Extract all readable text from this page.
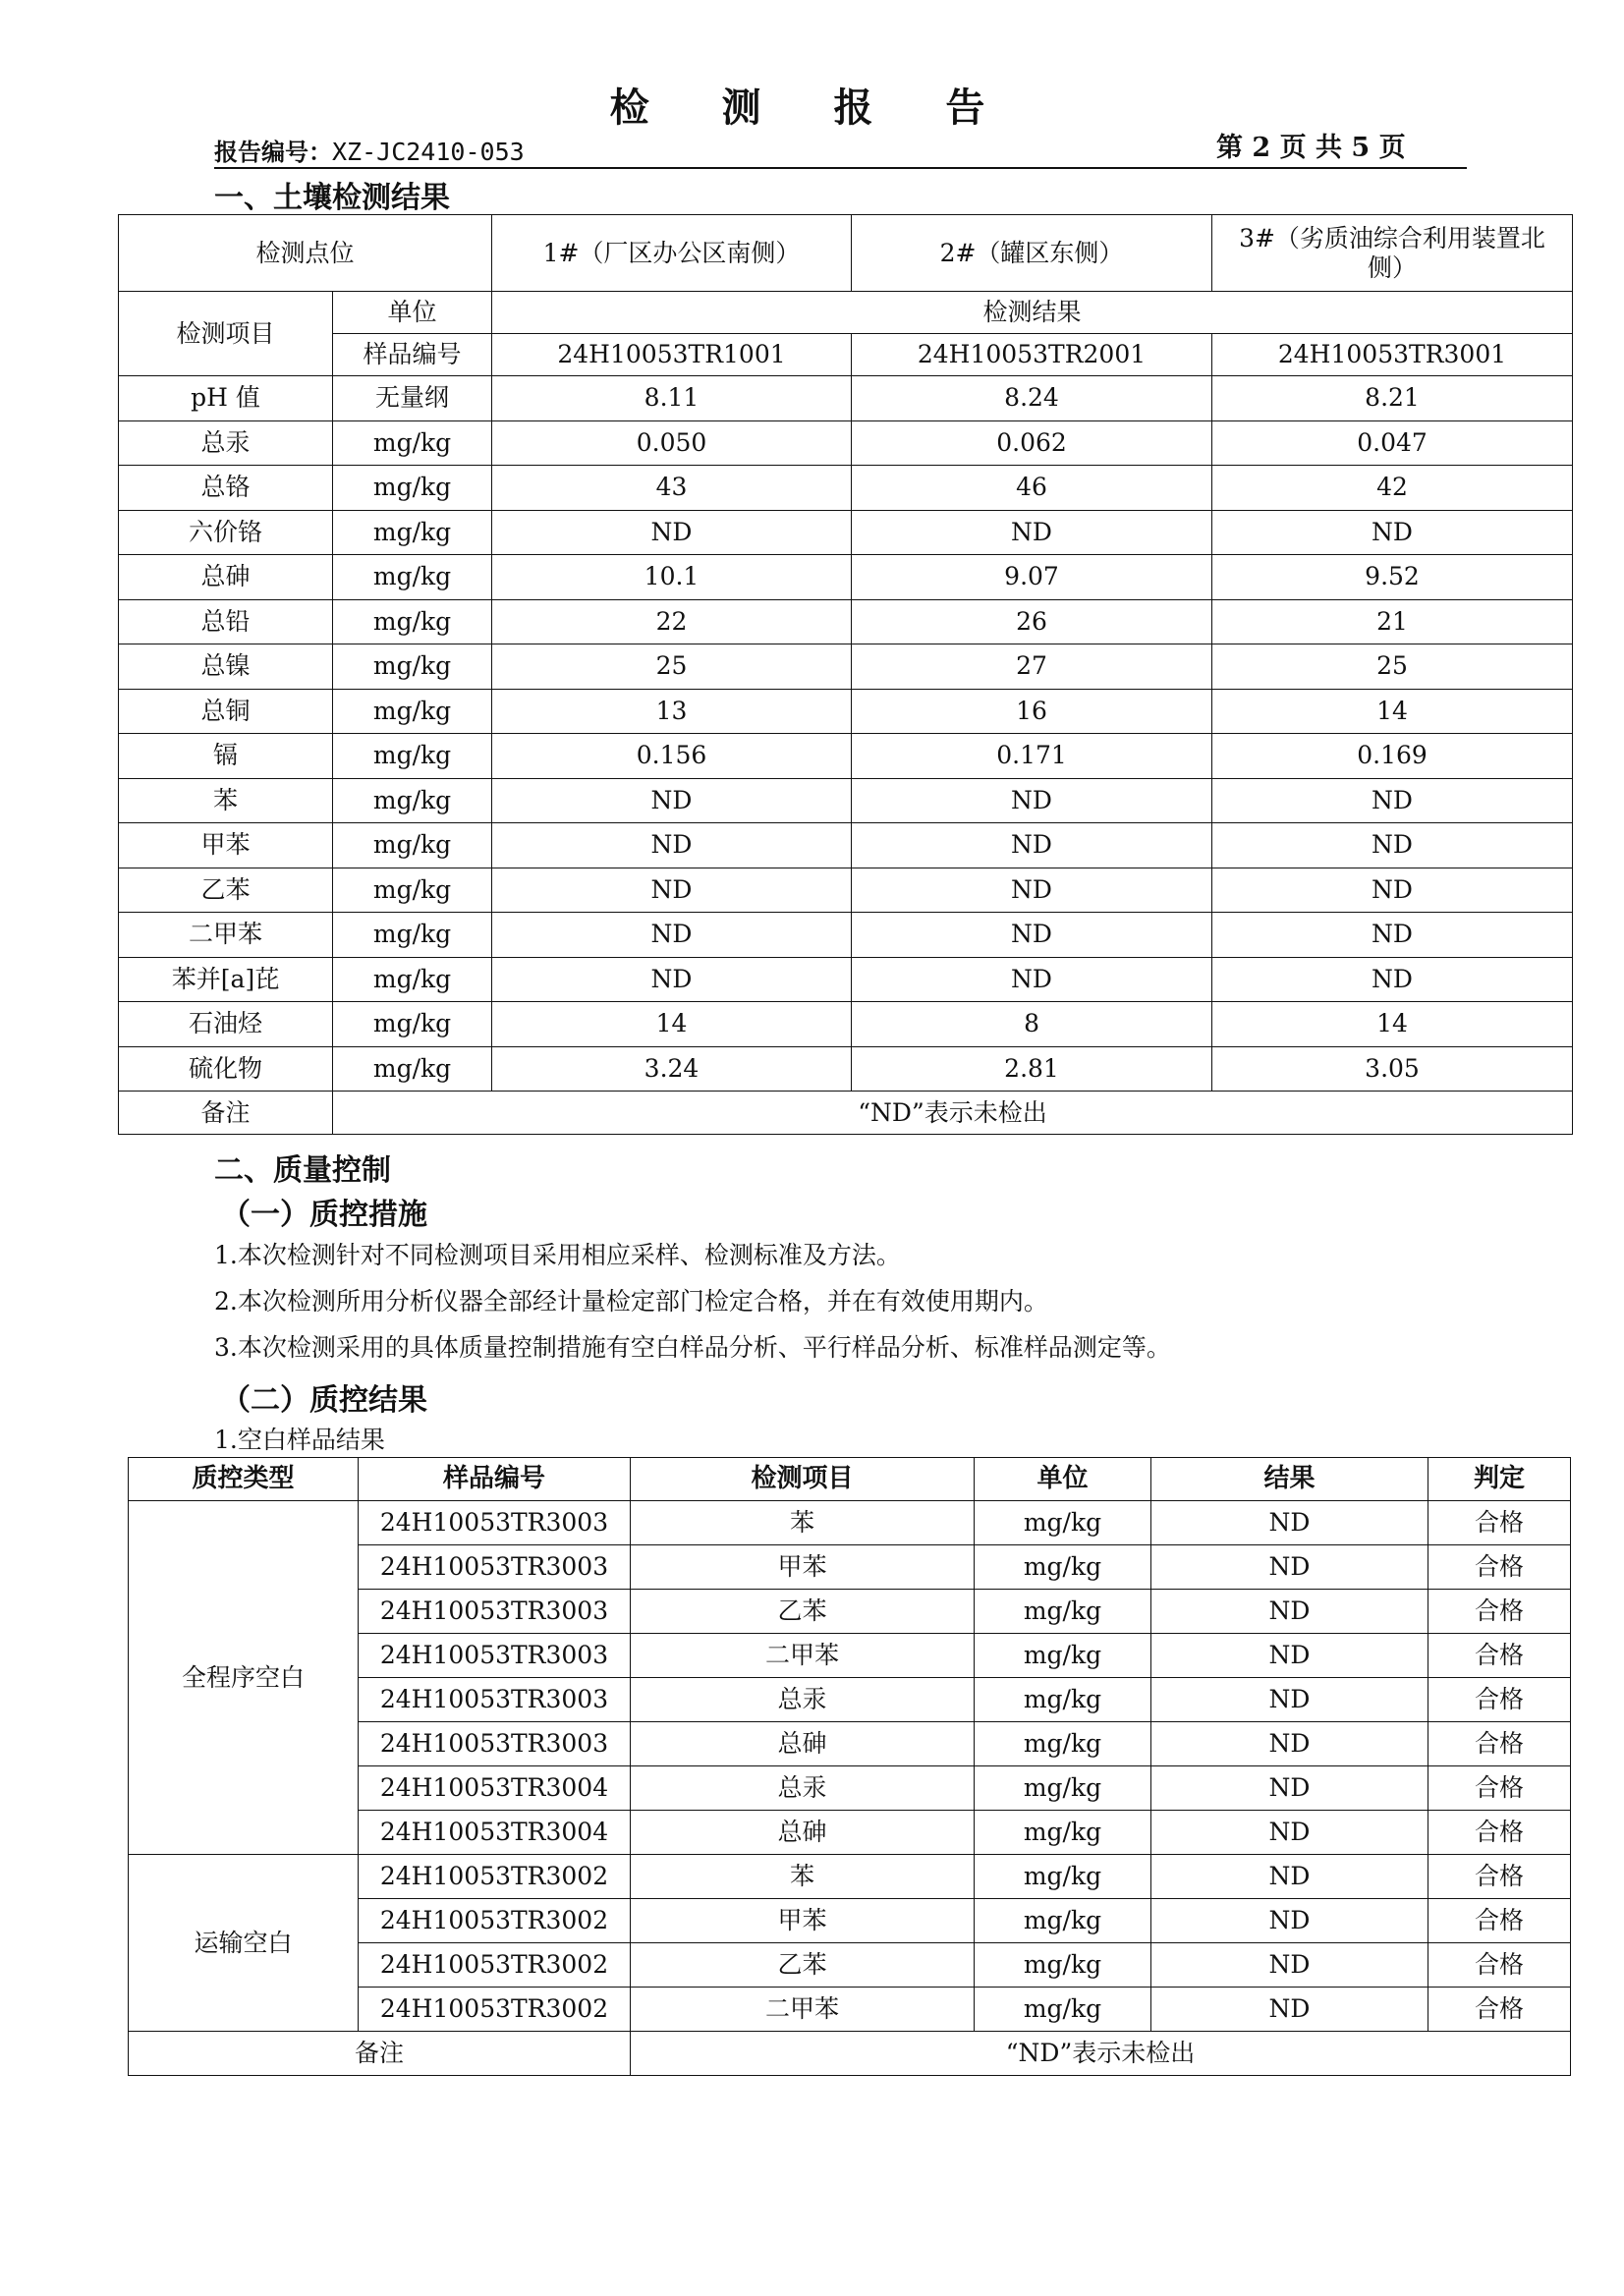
检 测 报 告
报告编号：XZ-JC2410-053	第 2 页 共 5 页
一、土壤检测结果
检测点位		1#（厂区办公区南侧）	2#（罐区东侧）	3#（劣质油综合利用装置北侧）
检测项目	单位	检测结果		
	样品编号	24H10053TR1001	24H10053TR2001	24H10053TR3001
pH 值	无量纲	8.11	8.24	8.21
总汞	mg/kg	0.050	0.062	0.047
总铬	mg/kg	43	46	42
六价铬	mg/kg	ND	ND	ND
总砷	mg/kg	10.1	9.07	9.52
总铅	mg/kg	22	26	21
总镍	mg/kg	25	27	25
总铜	mg/kg	13	16	14
镉	mg/kg	0.156	0.171	0.169
苯	mg/kg	ND	ND	ND
甲苯	mg/kg	ND	ND	ND
乙苯	mg/kg	ND	ND	ND
二甲苯	mg/kg	ND	ND	ND
苯并[a]芘	mg/kg	ND	ND	ND
石油烃	mg/kg	14	8	14
硫化物	mg/kg	3.24	2.81	3.05
备注	“ND”表示未检出			
二、质量控制
（一）质控措施
1.本次检测针对不同检测项目采用相应采样、检测标准及方法。
2.本次检测所用分析仪器全部经计量检定部门检定合格，并在有效使用期内。
3.本次检测采用的具体质量控制措施有空白样品分析、平行样品分析、标准样品测定等。
（二）质控结果
1.空白样品结果
质控类型	样品编号	检测项目	单位	结果	判定
全程序空白	24H10053TR3003	苯	mg/kg	ND	合格
	24H10053TR3003	甲苯	mg/kg	ND	合格
	24H10053TR3003	乙苯	mg/kg	ND	合格
	24H10053TR3003	二甲苯	mg/kg	ND	合格
	24H10053TR3003	总汞	mg/kg	ND	合格
	24H10053TR3003	总砷	mg/kg	ND	合格
	24H10053TR3004	总汞	mg/kg	ND	合格
	24H10053TR3004	总砷	mg/kg	ND	合格
运输空白	24H10053TR3002	苯	mg/kg	ND	合格
	24H10053TR3002	甲苯	mg/kg	ND	合格
	24H10053TR3002	乙苯	mg/kg	ND	合格
	24H10053TR3002	二甲苯	mg/kg	ND	合格
备注		“ND”表示未检出			
